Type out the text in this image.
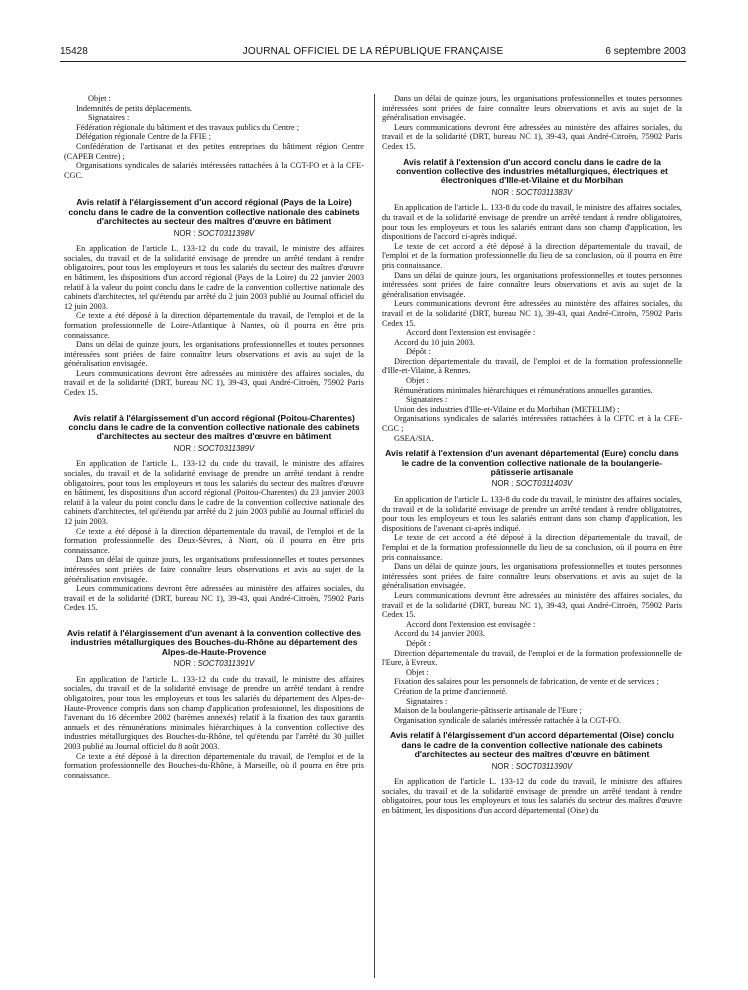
15428	JOURNAL OFFICIEL DE LA RÉPUBLIQUE FRANÇAISE	6 septembre 2003

Objet :

Indemnités de petits déplacements.

Signataires :

Fédération régionale du bâtiment et des travaux publics du Centre ;

Délégation régionale Centre de la FFIE ;

Confédération de l'artisanat et des petites entreprises du bâtiment région Centre (CAPEB Centre) ;

Organisations syndicales de salariés intéressées rattachées à la CGT-FO et à la CFE-CGC.

Avis relatif à l'élargissement d'un accord régional (Pays de la Loire) conclu dans le cadre de la convention collective nationale des cabinets d'architectes au secteur des maîtres d'œuvre en bâtiment
NOR : SOCT0311398V

En application de l'article L. 133-12 du code du travail, le ministre des affaires sociales, du travail et de la solidarité envisage de prendre un arrêté tendant à rendre obligatoires, pour tous les employeurs et tous les salariés du secteur des maîtres d'œuvre en bâtiment, les dispositions d'un accord régional (Pays de la Loire) du 22 janvier 2003 relatif à la valeur du point conclu dans le cadre de la convention collective nationale des cabinets d'architectes, tel qu'étendu par arrêté du 2 juin 2003 publié au Journal officiel du 12 juin 2003.

Ce texte a été déposé à la direction départementale du travail, de l'emploi et de la formation professionnelle de Loire-Atlantique à Nantes, où il pourra en être pris connaissance.

Dans un délai de quinze jours, les organisations professionnelles et toutes personnes intéressées sont priées de faire connaître leurs observations et avis au sujet de la généralisation envisagée.

Leurs communications devront être adressées au ministère des affaires sociales, du travail et de la solidarité (DRT, bureau NC 1), 39-43, quai André-Citroën, 75902 Paris Cedex 15.

Avis relatif à l'élargissement d'un accord régional (Poitou-Charentes) conclu dans le cadre de la convention collective nationale des cabinets d'architectes au secteur des maîtres d'œuvre en bâtiment
NOR : SOCT0311389V

En application de l'article L. 133-12 du code du travail, le ministre des affaires sociales, du travail et de la solidarité envisage de prendre un arrêté tendant à rendre obligatoires, pour tous les employeurs et tous les salariés du secteur des maîtres d'œuvre en bâtiment, les dispositions d'un accord régional (Poitou-Charentes) du 23 janvier 2003 relatif à la valeur du point conclu dans le cadre de la convention collective nationale des cabinets d'architectes, tel qu'étendu par arrêté du 2 juin 2003 publié au Journal officiel du 12 juin 2003.

Ce texte a été déposé à la direction départementale du travail, de l'emploi et de la formation professionnelle des Deux-Sèvres, à Niort, où il pourra en être pris connaissance.

Dans un délai de quinze jours, les organisations professionnelles et toutes personnes intéressées sont priées de faire connaître leurs observations et avis au sujet de la généralisation envisagée.

Leurs communications devront être adressées au ministère des affaires sociales, du travail et de la solidarité (DRT, bureau NC 1), 39-43, quai André-Citroën, 75902 Paris Cedex 15.

Avis relatif à l'élargissement d'un avenant à la convention collective des industries métallurgiques des Bouches-du-Rhône au département des Alpes-de-Haute-Provence
NOR : SOCT0311391V

En application de l'article L. 133-12 du code du travail, le ministre des affaires sociales, du travail et de la solidarité envisage de prendre un arrêté tendant à rendre obligatoires, pour tous les employeurs et tous les salariés du département des Alpes-de-Haute-Provence compris dans son champ d'application professionnel, les dispositions de l'avenant du 16 décembre 2002 (barèmes annexés) relatif à la fixation des taux garantis annuels et des rémunérations minimales hiérarchiques à la convention collective des industries métallurgiques des Bouches-du-Rhône, tel qu'étendu par l'arrêté du 30 juillet 2003 publié au Journal officiel du 8 août 2003.

Ce texte a été déposé à la direction départementale du travail, de l'emploi et de la formation professionnelle des Bouches-du-Rhône, à Marseille, où il pourra en être pris connaissance.

Dans un délai de quinze jours, les organisations professionnelles et toutes personnes intéressées sont priées de faire connaître leurs observations et avis au sujet de la généralisation envisagée.

Leurs communications devront être adressées au ministère des affaires sociales, du travail et de la solidarité (DRT, bureau NC 1), 39-43, quai André-Citroën, 75902 Paris Cedex 15.

Avis relatif à l'extension d'un accord conclu dans le cadre de la convention collective des industries métallurgiques, électriques et électroniques d'Ille-et-Vilaine et du Morbihan
NOR : SOCT0311383V

En application de l'article L. 133-8 du code du travail, le ministre des affaires sociales, du travail et de la solidarité envisage de prendre un arrêté tendant à rendre obligatoires, pour tous les employeurs et tous les salariés entrant dans son champ d'application, les dispositions de l'accord ci-après indiqué.

Le texte de cet accord a été déposé à la direction départementale du travail, de l'emploi et de la formation professionnelle du lieu de sa conclusion, où il pourra en être pris connaissance.

Dans un délai de quinze jours, les organisations professionnelles et toutes personnes intéressées sont priées de faire connaître leurs observations et avis au sujet de la généralisation envisagée.

Leurs communications devront être adressées au ministère des affaires sociales, du travail et de la solidarité (DRT, bureau NC 1), 39-43, quai André-Citroën, 75902 Paris Cedex 15.

Accord dont l'extension est envisagée :

Accord du 10 juin 2003.

Dépôt :

Direction départementale du travail, de l'emploi et de la formation professionnelle d'Ille-et-Vilaine, à Rennes.

Objet :

Rémunérations minimales hiérarchiques et rémunérations annuelles garanties.

Signataires :

Union des industries d'Ille-et-Vilaine et du Morbihan (METELIM) ;

Organisations syndicales de salariés intéressées rattachées à la CFTC et à la CFE-CGC ;

GSEA/SIA.

Avis relatif à l'extension d'un avenant départemental (Eure) conclu dans le cadre de la convention collective nationale de la boulangerie-pâtisserie artisanale
NOR : SOCT0311403V

En application de l'article L. 133-8 du code du travail, le ministre des affaires sociales, du travail et de la solidarité envisage de prendre un arrêté tendant à rendre obligatoires, pour tous les employeurs et tous les salariés entrant dans son champ d'application, les dispositions de l'avenant ci-après indiqué.

Le texte de cet accord a été déposé à la direction départementale du travail, de l'emploi et de la formation professionnelle du lieu de sa conclusion, où il pourra en être pris connaissance.

Dans un délai de quinze jours, les organisations professionnelles et toutes personnes intéressées sont priées de faire connaître leurs observations et avis au sujet de la généralisation envisagée.

Leurs communications devront être adressées au ministère des affaires sociales, du travail et de la solidarité (DRT, bureau NC 1), 39-43, quai André-Citroën, 75902 Paris Cedex 15.

Accord dont l'extension est envisagée :

Accord du 14 janvier 2003.

Dépôt :

Direction départementale du travail, de l'emploi et de la formation professionnelle de l'Eure, à Evreux.

Objet :

Fixation des salaires pour les personnels de fabrication, de vente et de services ;

Création de la prime d'ancienneté.

Signataires :

Maison de la boulangerie-pâtisserie artisanale de l'Eure ;

Organisation syndicale de salariés intéressée rattachée à la CGT-FO.

Avis relatif à l'élargissement d'un accord départemental (Oise) conclu dans le cadre de la convention collective nationale des cabinets d'architectes au secteur des maîtres d'œuvre en bâtiment
NOR : SOCT0311390V

En application de l'article L. 133-12 du code du travail, le ministre des affaires sociales, du travail et de la solidarité envisage de prendre un arrêté tendant à rendre obligatoires, pour tous les employeurs et tous les salariés du secteur des maîtres d'œuvre en bâtiment, les dispositions d'un accord départemental (Oise) du
